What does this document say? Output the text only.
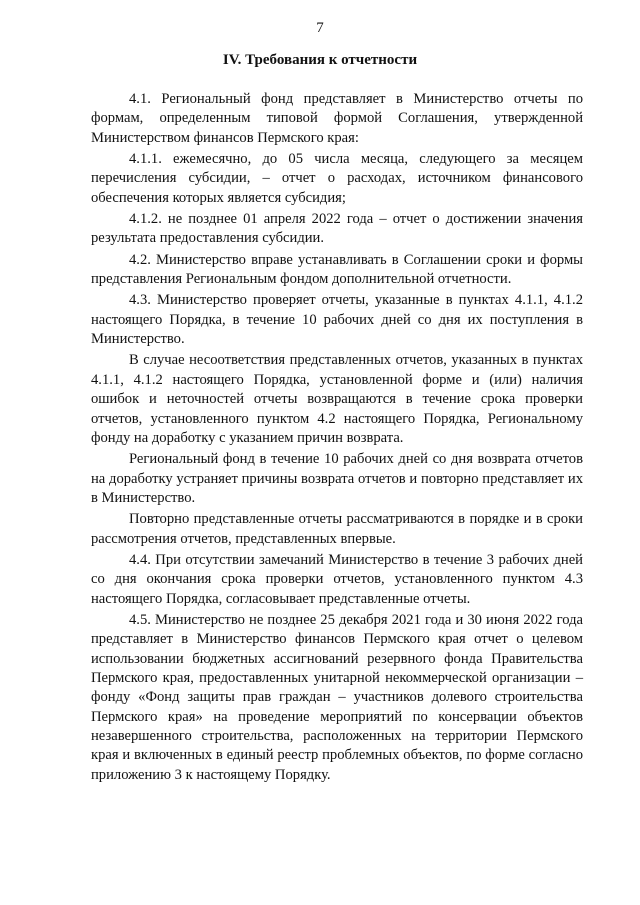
7
IV. Требования к отчетности

4.1. Региональный фонд представляет в Министерство отчеты по формам, определенным типовой формой Соглашения, утвержденной Министерством финансов Пермского края:

4.1.1. ежемесячно, до 05 числа месяца, следующего за месяцем перечисления субсидии, – отчет о расходах, источником финансового обеспечения которых является субсидия;

4.1.2. не позднее 01 апреля 2022 года – отчет о достижении значения результата предоставления субсидии.

4.2. Министерство вправе устанавливать в Соглашении сроки и формы представления Региональным фондом дополнительной отчетности.

4.3. Министерство проверяет отчеты, указанные в пунктах 4.1.1, 4.1.2 настоящего Порядка, в течение 10 рабочих дней со дня их поступления в Министерство.

В случае несоответствия представленных отчетов, указанных в пунктах 4.1.1, 4.1.2 настоящего Порядка, установленной форме и (или) наличия ошибок и неточностей отчеты возвращаются в течение срока проверки отчетов, установленного пунктом 4.2 настоящего Порядка, Региональному фонду на доработку с указанием причин возврата.

Региональный фонд в течение 10 рабочих дней со дня возврата отчетов на доработку устраняет причины возврата отчетов и повторно представляет их в Министерство.

Повторно представленные отчеты рассматриваются в порядке и в сроки рассмотрения отчетов, представленных впервые.

4.4. При отсутствии замечаний Министерство в течение 3 рабочих дней со дня окончания срока проверки отчетов, установленного пунктом 4.3 настоящего Порядка, согласовывает представленные отчеты.

4.5. Министерство не позднее 25 декабря 2021 года и 30 июня 2022 года представляет в Министерство финансов Пермского края отчет о целевом использовании бюджетных ассигнований резервного фонда Правительства Пермского края, предоставленных унитарной некоммерческой организации – фонду «Фонд защиты прав граждан – участников долевого строительства Пермского края» на проведение мероприятий по консервации объектов незавершенного строительства, расположенных на территории Пермского края и включенных в единый реестр проблемных объектов, по форме согласно приложению 3 к настоящему Порядку.
